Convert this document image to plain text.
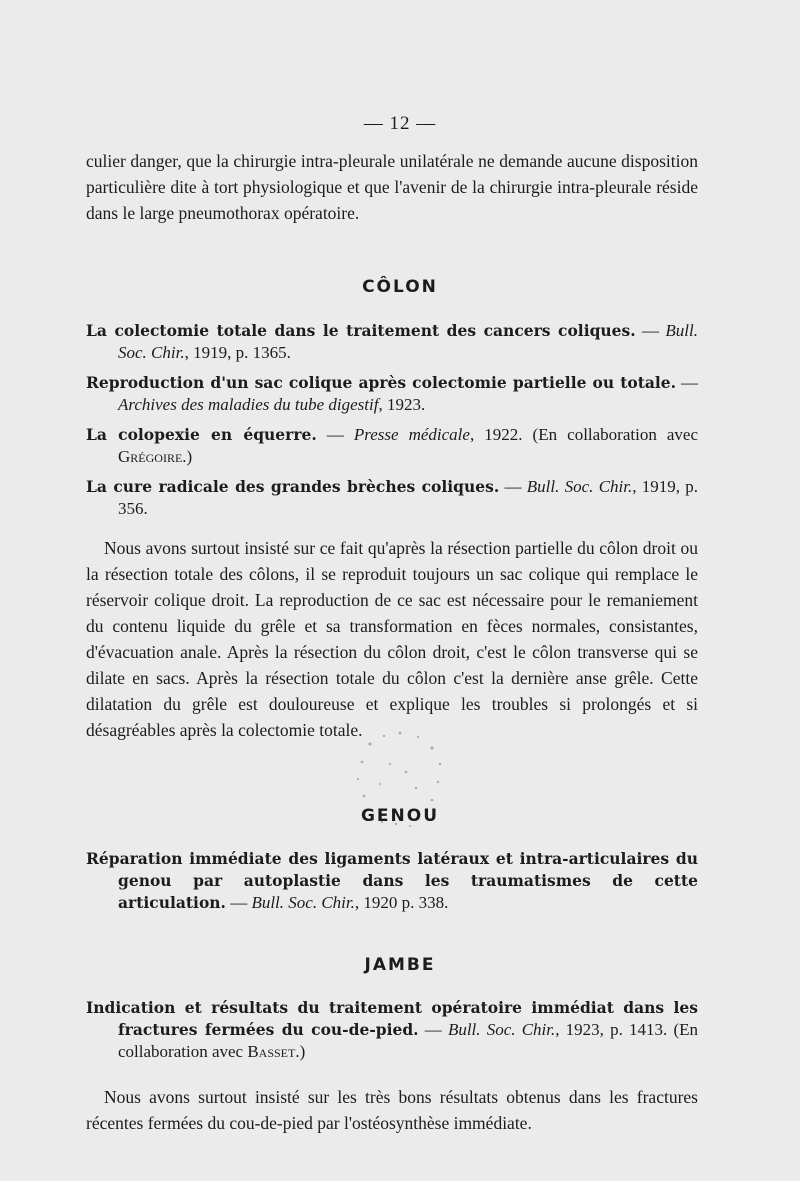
— 12 —

culier danger, que la chirurgie intra-pleurale unilatérale ne demande aucune disposition particulière dite à tort physiologique et que l'avenir de la chirurgie intra-pleurale réside dans le large pneumothorax opératoire.

CÔLON

La colectomie totale dans le traitement des cancers coliques. — Bull. Soc. Chir., 1919, p. 1365.

Reproduction d'un sac colique après colectomie partielle ou totale. — Archives des maladies du tube digestif, 1923.

La colopexie en équerre. — Presse médicale, 1922. (En collaboration avec Grégoire.)

La cure radicale des grandes brèches coliques. — Bull. Soc. Chir., 1919, p. 356.

Nous avons surtout insisté sur ce fait qu'après la résection partielle du côlon droit ou la résection totale des côlons, il se reproduit toujours un sac colique qui remplace le réservoir colique droit. La reproduction de ce sac est nécessaire pour le remaniement du contenu liquide du grêle et sa transformation en fèces normales, consistantes, d'évacuation anale. Après la résection du côlon droit, c'est le côlon transverse qui se dilate en sacs. Après la résection totale du côlon c'est la dernière anse grêle. Cette dilatation du grêle est douloureuse et explique les troubles si prolongés et si désagréables après la colectomie totale.

GENOU

Réparation immédiate des ligaments latéraux et intra-articulaires du genou par autoplastie dans les traumatismes de cette articulation. — Bull. Soc. Chir., 1920 p. 338.

JAMBE

Indication et résultats du traitement opératoire immédiat dans les fractures fermées du cou-de-pied. — Bull. Soc. Chir., 1923, p. 1413. (En collaboration avec Basset.)

Nous avons surtout insisté sur les très bons résultats obtenus dans les fractures récentes fermées du cou-de-pied par l'ostéosynthèse immédiate.
